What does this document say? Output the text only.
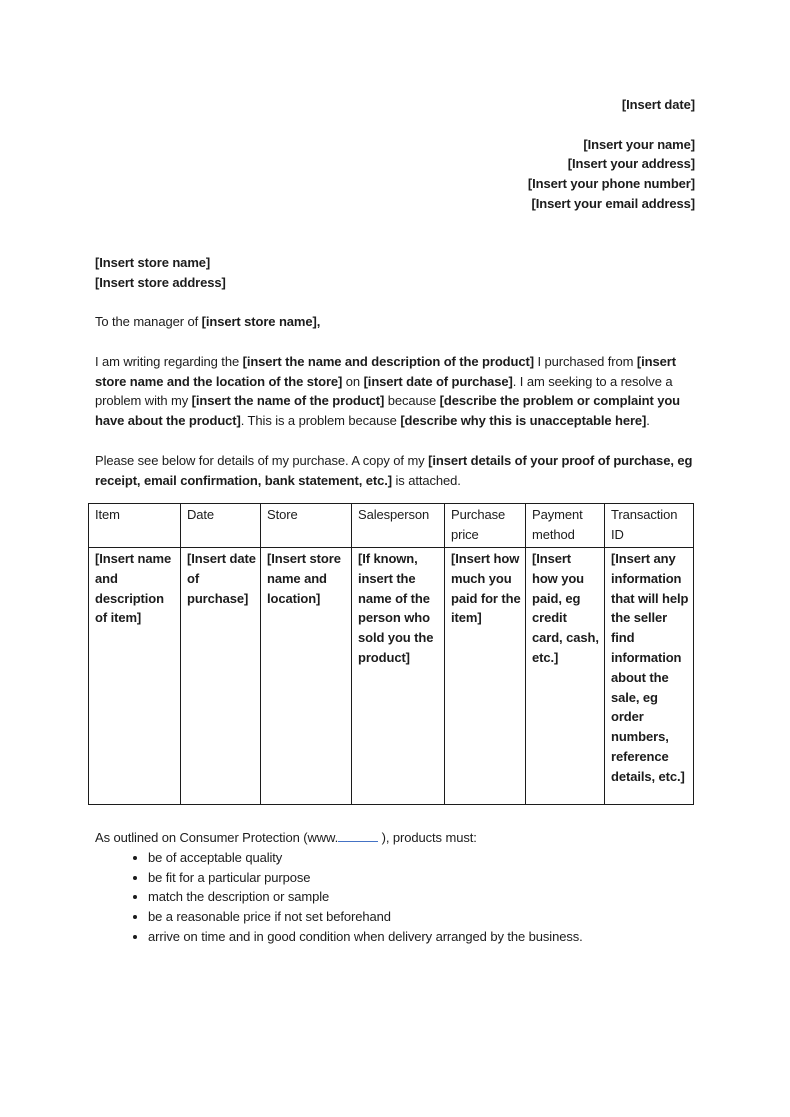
[Insert date]

[Insert your name]

[Insert your address]

[Insert your phone number]

[Insert your email address]

[Insert store name]

[Insert store address]

To the manager of [insert store name],

I am writing regarding the [insert the name and description of the product] I purchased from [insert store name and the location of the store] on [insert date of purchase]. I am seeking to a resolve a problem with my [insert the name of the product] because [describe the problem or complaint you have about the product]. This is a problem because [describe why this is unacceptable here].

Please see below for details of my purchase. A copy of my [insert details of your proof of purchase, eg receipt, email confirmation, bank statement, etc.] is attached.

Item	Date	Store	Salesperson	Purchase price	Payment method	Transaction ID
[Insert name and description of item]	[Insert date of purchase]	[Insert store name and location]	[If known, insert the name of the person who sold you the product]	[Insert how much you paid for the item]	[Insert how you paid, eg credit card, cash, etc.]	[Insert any information that will help the seller find information about the sale, eg order numbers, reference details, etc.]

As outlined on Consumer Protection (www.	), products must:

• be of acceptable quality
• be fit for a particular purpose
• match the description or sample
• be a reasonable price if not set beforehand
• arrive on time and in good condition when delivery arranged by the business.
